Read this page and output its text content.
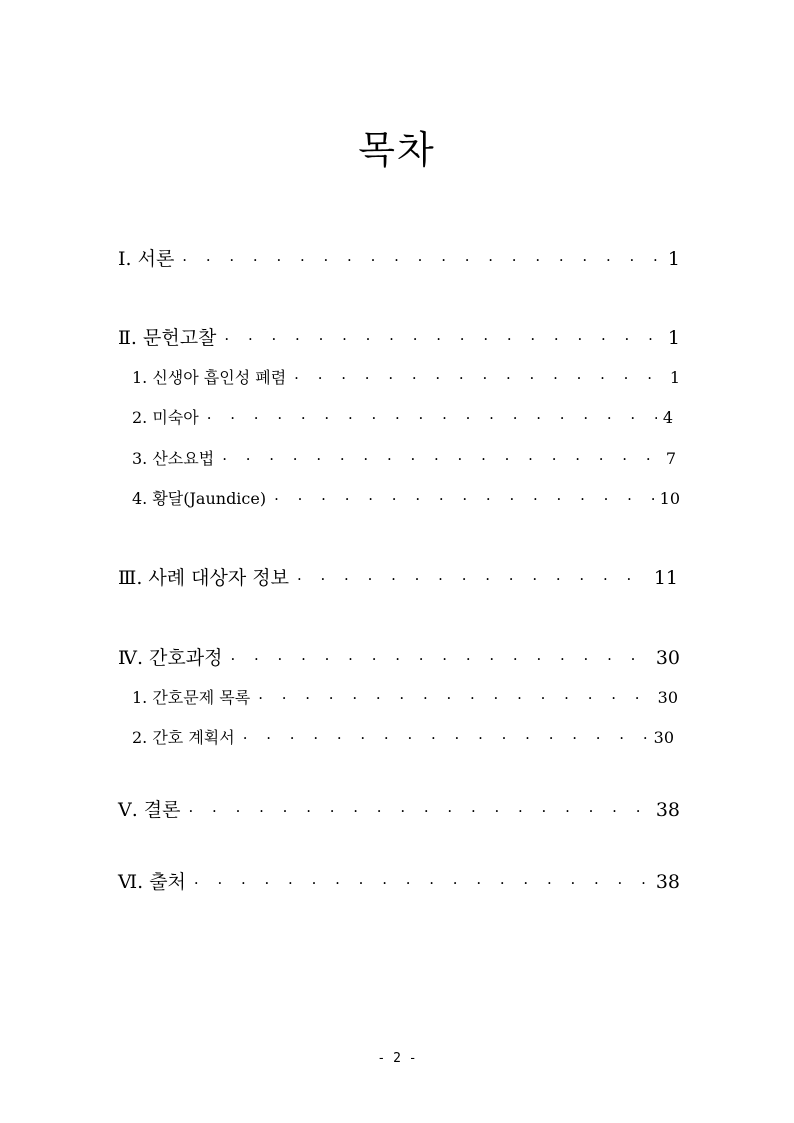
목차
Ⅰ. 서론 · · ·	1
Ⅱ. 문헌고찰 · · ·	1
1. 신생아 흡인성 폐렴 · · ·	1
2. 미숙아 · · ·	4
3. 산소요법 · · ·	7
4. 황달(Jaundice) · · ·	10
Ⅲ. 사례 대상자 정보 · · ·	11
Ⅳ. 간호과정 · · ·	30
1. 간호문제 목록 · · ·	30
2. 간호 계획서 · · ·	30
Ⅴ. 결론 · · ·	38
Ⅵ. 출처 · · ·	38
- 2 -
